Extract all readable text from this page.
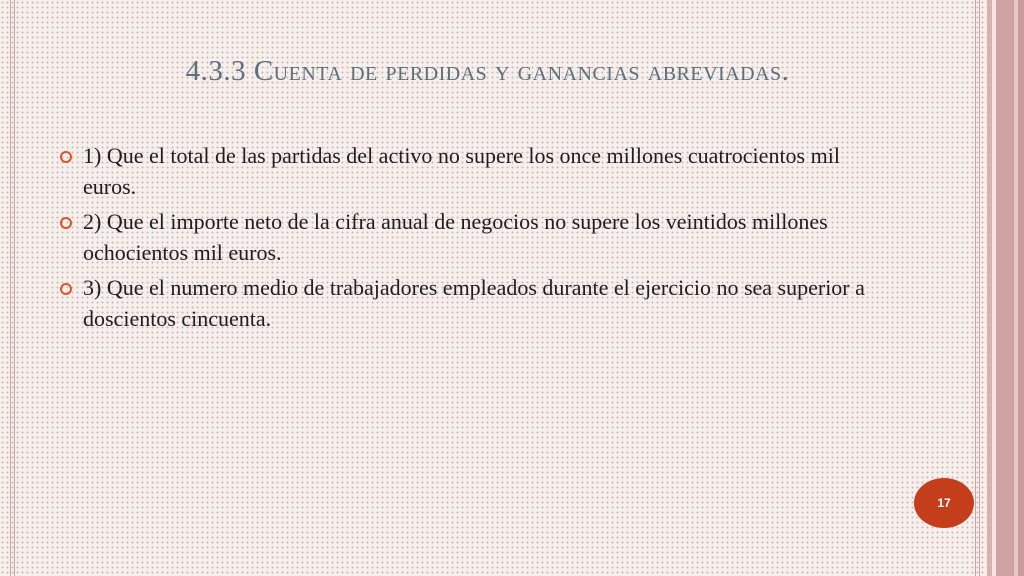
4.3.3 Cuenta de perdidas y ganancias abreviadas.
1) Que el total de las partidas del activo no supere los once millones cuatrocientos mil euros.
2) Que el importe neto de la cifra anual de negocios no supere los veintidos millones ochocientos mil euros.
3) Que el numero medio de trabajadores empleados durante el ejercicio no sea superior a doscientos cincuenta.
17
